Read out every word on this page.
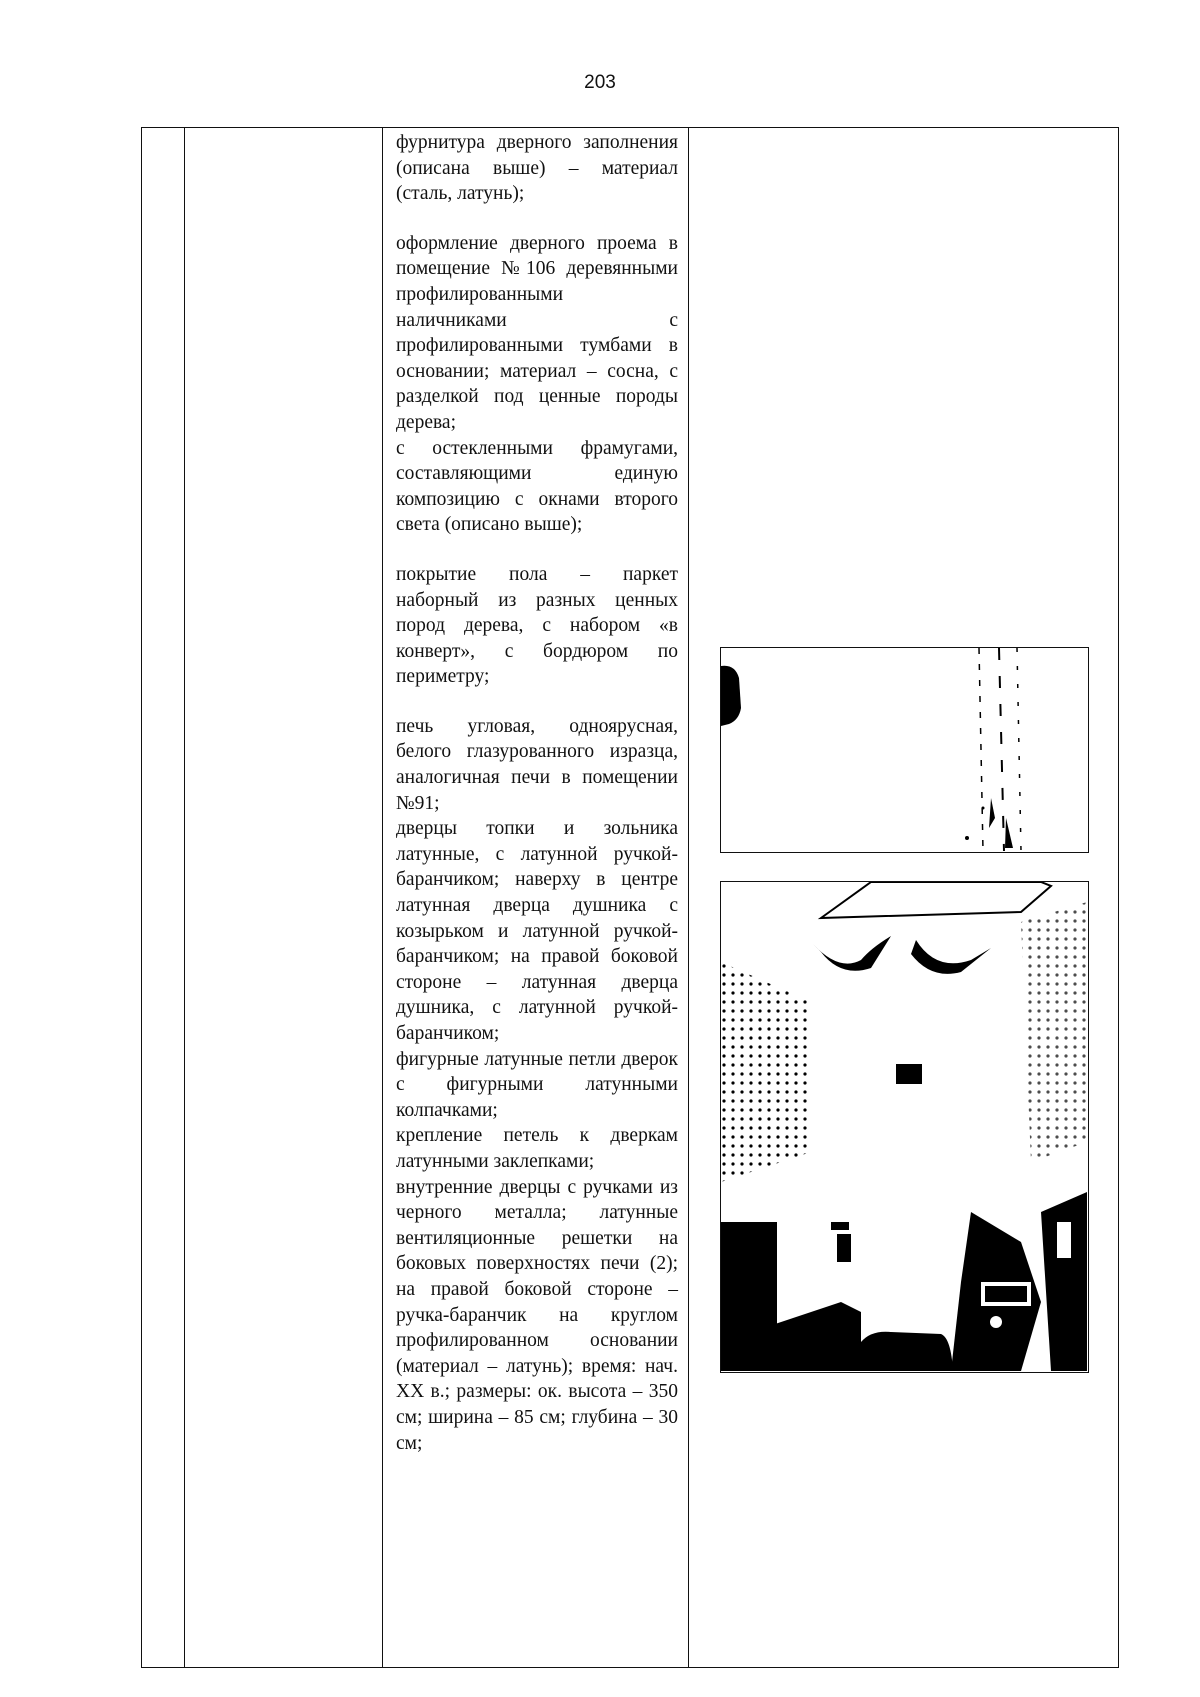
203

фурнитура дверного заполнения (описана выше) – материал (сталь, латунь);

оформление дверного проема в помещение №106 деревянными профилированными наличниками с профилированными тумбами в основании; материал – сосна, с разделкой под ценные породы дерева;

с остекленными фрамугами, составляющими единую композицию с окнами второго света (описано выше);

покрытие пола – паркет наборный из разных ценных пород дерева, с набором «в конверт», с бордюром по периметру;

печь угловая, одноярусная, белого глазурованного изразца, аналогичная печи в помещении №91;

дверцы топки и зольника латунные, с латунной ручкой-баранчиком; наверху в центре латунная дверца душника с козырьком и латунной ручкой-баранчиком; на правой боковой стороне – латунная дверца душника, с латунной ручкой-баранчиком;

фигурные латунные петли дверок с фигурными латунными колпачками;

крепление петель к дверкам латунными заклепками;

внутренние дверцы с ручками из черного металла; латунные вентиляционные решетки на боковых поверхностях печи (2); на правой боковой стороне – ручка-баранчик на круглом профилированном основании (материал – латунь); время: нач. XX в.; размеры: ок. высота – 350 см; ширина – 85 см; глубина – 30 см;
